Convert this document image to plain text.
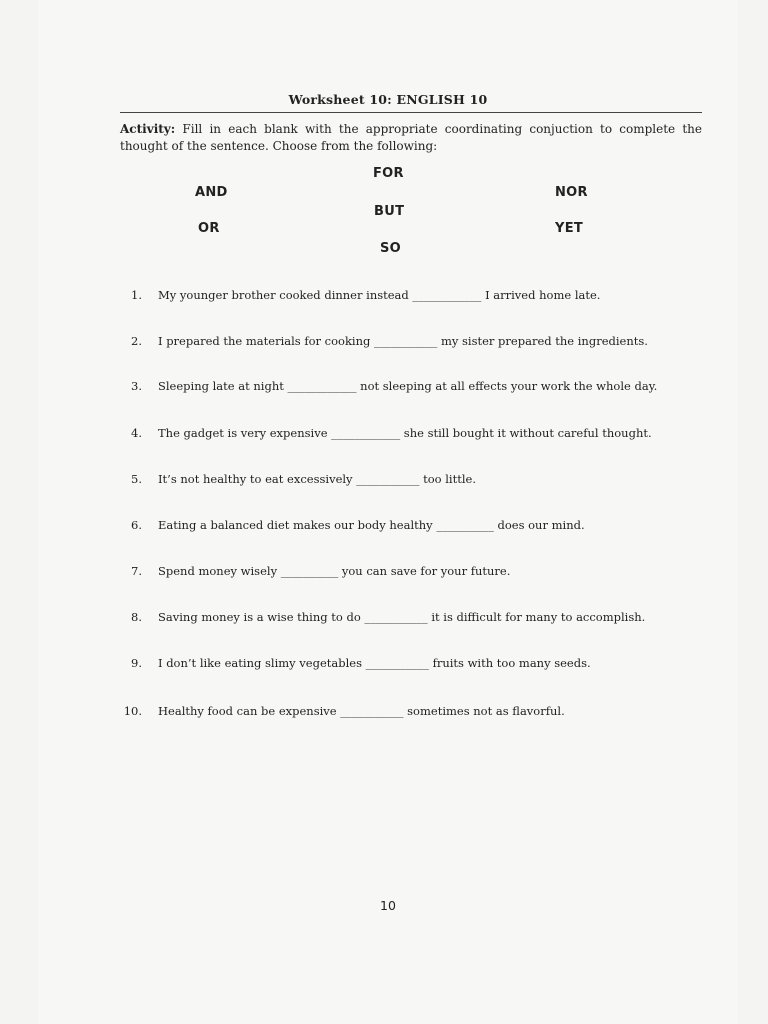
Worksheet 10: ENGLISH 10
Activity: Fill in each blank with the appropriate coordinating conjuction to complete the thought of the sentence. Choose from the following:
FOR
AND	NOR
BUT
OR	YET
SO
1. My younger brother cooked dinner instead ____________ I arrived home late.
2. I prepared the materials for cooking ___________ my sister prepared the ingredients.
3. Sleeping late at night ____________ not sleeping at all effects your work the whole day.
4. The gadget is very expensive ____________ she still bought it without careful thought.
5. It’s not healthy to eat excessively ___________ too little.
6. Eating a balanced diet makes our body healthy __________ does our mind.
7. Spend money wisely __________ you can save for your future.
8. Saving money is a wise thing to do ___________ it is difficult for many to accomplish.
9. I don’t like eating slimy vegetables ___________ fruits with too many seeds.
10. Healthy food can be expensive ___________ sometimes not as flavorful.
10
